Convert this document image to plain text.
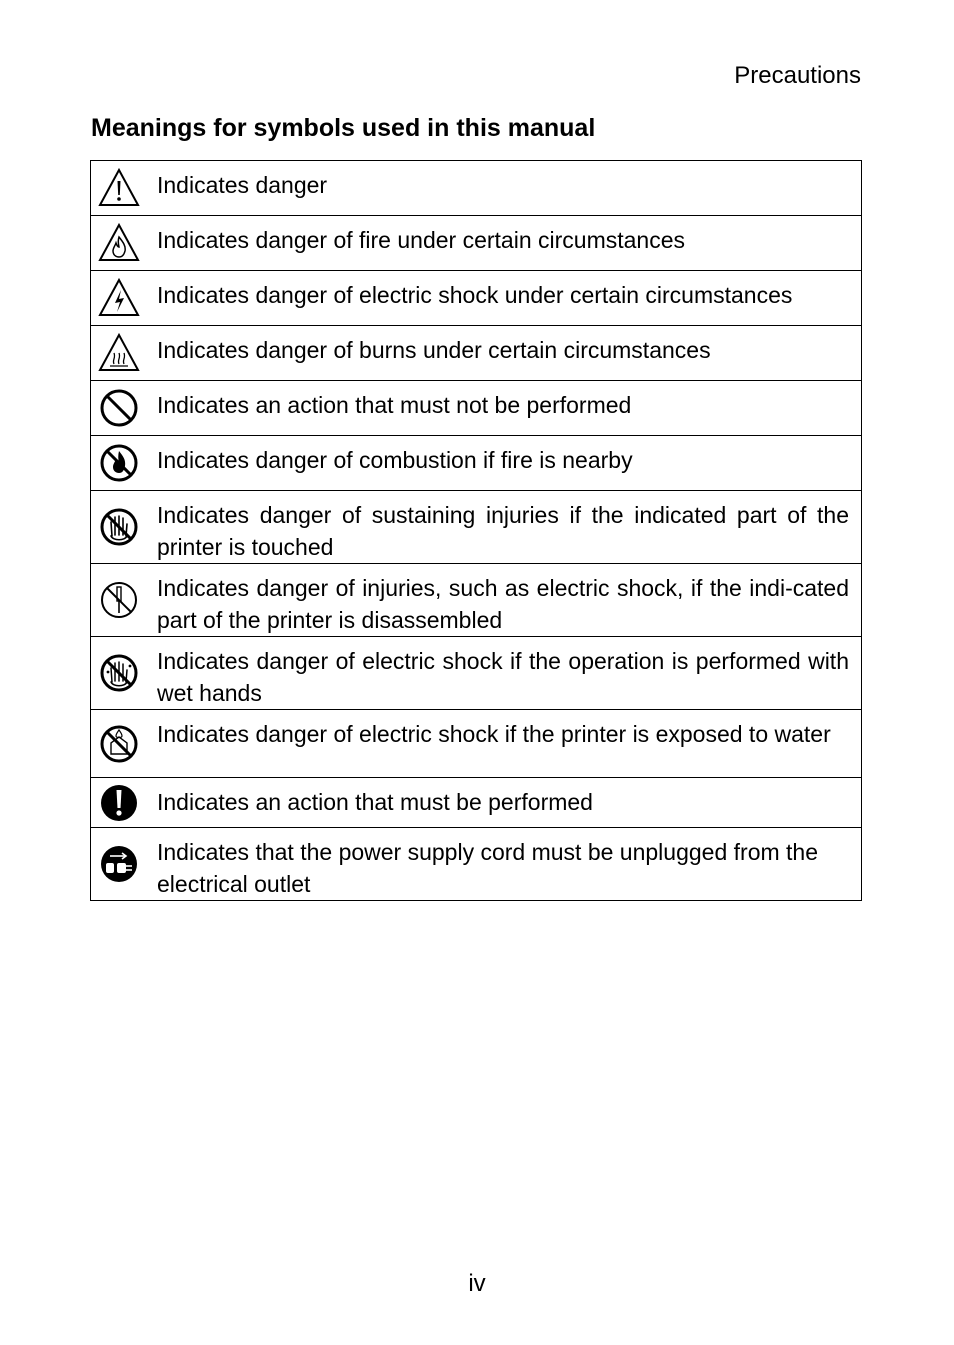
Precautions
Meanings for symbols used in this manual
	Indicates danger

	Indicates danger of fire under certain circumstances

	Indicates danger of electric shock under certain circumstances

	Indicates danger of burns under certain circumstances

	Indicates an action that must not be performed

	Indicates danger of combustion if fire is nearby

	Indicates danger of sustaining injuries if the indicated part of the printer is touched

	Indicates danger of injuries, such as electric shock, if the indi-cated part of the printer is disassembled

	Indicates danger of electric shock if the operation is performed with wet hands

	Indicates danger of electric shock if the printer is exposed to water

	Indicates an action that must be performed

	Indicates that the power supply cord must be unplugged from the electrical outlet
iv
